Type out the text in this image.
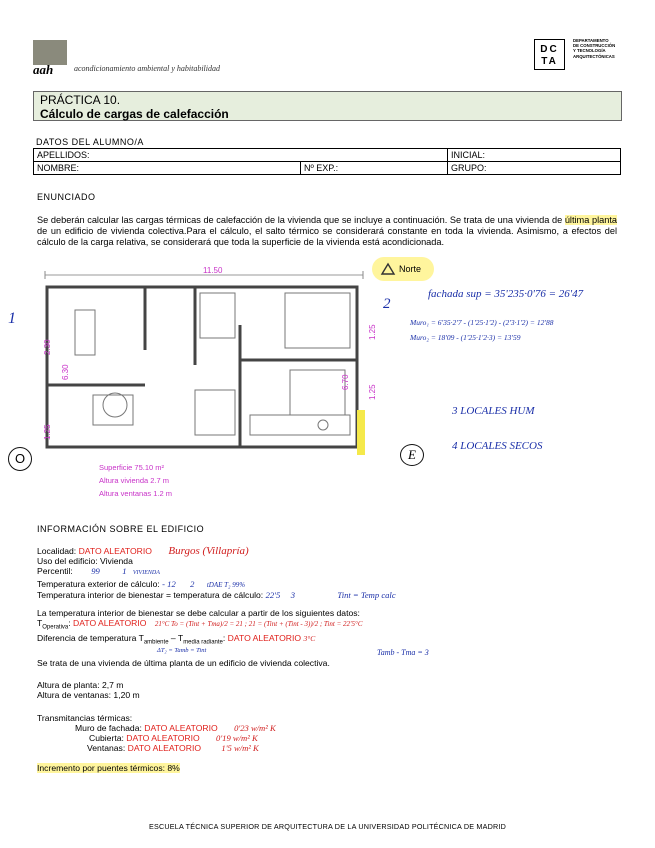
aah	acondicionamiento ambiental y habitabilidad
DC
TA
DEPARTAMENTO
DE CONSTRUCCIÓN
Y TECNOLOGÍA
ARQUITECTÓNICAS
PRÁCTICA 10.
Cálculo de cargas de calefacción
DATOS DEL ALUMNO/A
APELLIDOS:		INICIAL:
NOMBRE:	Nº EXP.:	GRUPO:
ENUNCIADO
Se deberán calcular las cargas térmicas de calefacción de la vivienda que se incluye a continuación. Se trata de una vivienda de última planta de un edificio de vivienda colectiva.Para el cálculo, el salto térmico se considerará constante en toda la vivienda. Asimismo, a efectos del cálculo de la carga relativa, se considerará que toda la superficie de la vivienda está acondicionada.
11.50
2.30
6.30
1.25
1.25
6.70
1.25
Superficie 75.10 m²
Altura vivienda 2.7 m
Altura ventanas 1.2 m
Norte
1
2
O	E
fachada sup = 35'235·0'76 = 26'47
Muro₁ = 6'35·2'7 - (1'25·1'2) - (2'3·1'2) = 12'88
Muro₂ = 18'09 - (1'25·1'2·3) = 13'59
3 LOCALES HUM
4 LOCALES SECOS
INFORMACIÓN SOBRE EL EDIFICIO
Localidad: DATO ALEATORIO Burgos (Villapría)
Uso del edificio: Vivienda
Percentil: 99	1 VIVIENDA
Temperatura exterior de cálculo: - 12 2 tDAE T₂ 99%
Temperatura interior de bienestar = temperatura de cálculo: 22'5 3	Tint = Temp calc
La temperatura interior de bienestar se debe calcular a partir de los siguientes datos:
$T_{Operativa}$: DATO ALEATORIO 21°C To = (Tint + Tma)/2 = 21 ; 21 = (Tint + (Tint - 3))/2 ; Tint = 22'5°C
Diferencia de temperatura $T_{ambiente} - T_{media radiante}$: DATO ALEATORIO 3°C
ΔT₂ = Tamb = Tint	Tamb - Tma = 3
Se trata de una vivienda de última planta de un edificio de vivienda colectiva.
Altura de planta: 2,7 m
Altura de ventanas: 1,20 m
Transmitancias térmicas:
Muro de fachada: DATO ALEATORIO 0'23 w/m² K
Cubierta: DATO ALEATORIO 0'19 w/m² K
Ventanas: DATO ALEATORIO 1'5 w/m² K
Incremento por puentes térmicos: 8%
ESCUELA TÉCNICA SUPERIOR DE ARQUITECTURA DE LA UNIVERSIDAD POLITÉCNICA DE MADRID
